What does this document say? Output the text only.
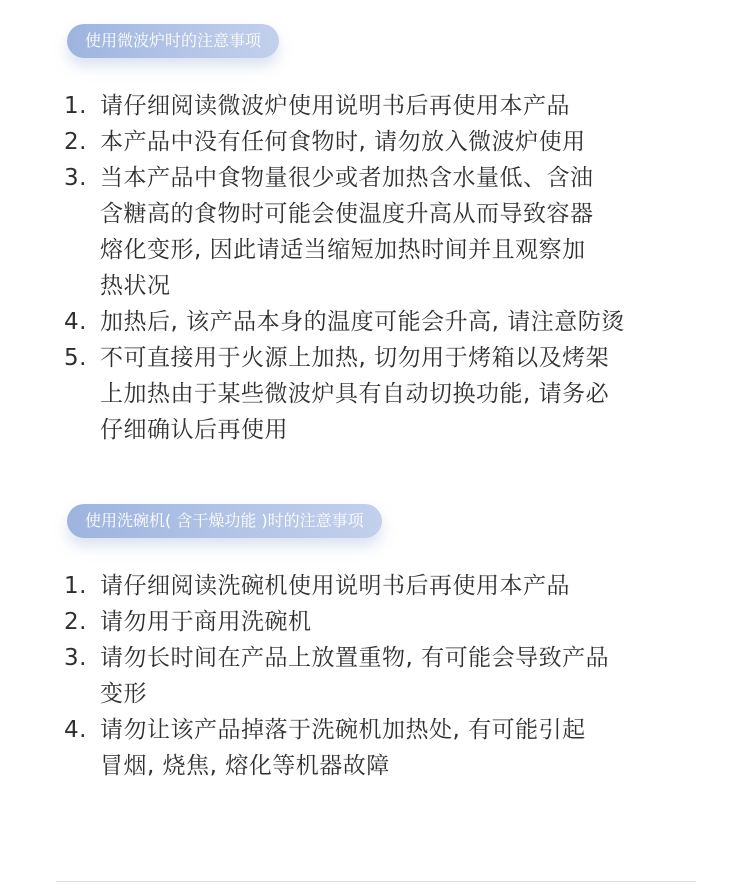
使用微波炉时的注意事项
1. 请仔细阅读微波炉使用说明书后再使用本产品
2. 本产品中没有任何食物时, 请勿放入微波炉使用
3. 当本产品中食物量很少或者加热含水量低、含油
含糖高的食物时可能会使温度升高从而导致容器
熔化变形, 因此请适当缩短加热时间并且观察加
热状况
4. 加热后, 该产品本身的温度可能会升高, 请注意防烫
5. 不可直接用于火源上加热, 切勿用于烤箱以及烤架
上加热由于某些微波炉具有自动切换功能, 请务必
仔细确认后再使用
使用洗碗机( 含干燥功能 )时的注意事项
1. 请仔细阅读洗碗机使用说明书后再使用本产品
2. 请勿用于商用洗碗机
3. 请勿长时间在产品上放置重物, 有可能会导致产品
变形
4. 请勿让该产品掉落于洗碗机加热处, 有可能引起
冒烟, 烧焦, 熔化等机器故障
